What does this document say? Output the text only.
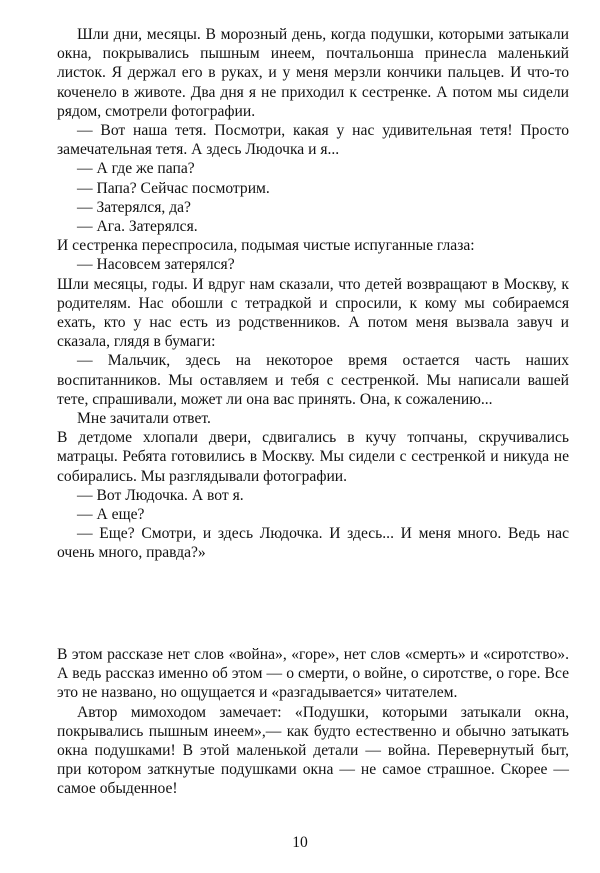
Шли дни, месяцы. В морозный день, когда подушки, которыми затыкали окна, покрывались пышным инеем, почтальонша принесла маленький листок. Я держал его в руках, и у меня мерзли кончики пальцев. И что-то коченело в животе. Два дня я не приходил к сестренке. А потом мы сидели рядом, смотрели фотографии.

— Вот наша тетя. Посмотри, какая у нас удивительная тетя! Просто замечательная тетя. А здесь Людочка и я...

— А где же папа?

— Папа? Сейчас посмотрим.

— Затерялся, да?

— Ага. Затерялся.

И сестренка переспросила, подымая чистые испуганные глаза:

— Насовсем затерялся?

Шли месяцы, годы. И вдруг нам сказали, что детей возвращают в Москву, к родителям. Нас обошли с тетрадкой и спросили, к кому мы собираемся ехать, кто у нас есть из родственников. А потом меня вызвала завуч и сказала, глядя в бумаги:

— Мальчик, здесь на некоторое время остается часть наших воспитанников. Мы оставляем и тебя с сестренкой. Мы написали вашей тете, спрашивали, может ли она вас принять. Она, к сожалению...

Мне зачитали ответ.

В детдоме хлопали двери, сдвигались в кучу топчаны, скручивались матрацы. Ребята готовились в Москву. Мы сидели с сестренкой и никуда не собирались. Мы разглядывали фотографии.

— Вот Людочка. А вот я.

— А еще?

— Еще? Смотри, и здесь Людочка. И здесь... И меня много. Ведь нас очень много, правда?»

В этом рассказе нет слов «война», «горе», нет слов «смерть» и «сиротство». А ведь рассказ именно об этом — о смерти, о войне, о сиротстве, о горе. Все это не названо, но ощущается и «разгадывается» читателем.

Автор мимоходом замечает: «Подушки, которыми затыкали окна, покрывались пышным инеем»,— как будто естественно и обычно затыкать окна подушками! В этой маленькой детали — война. Перевернутый быт, при котором заткнутые подушками окна — не самое страшное. Скорее — самое обыденное!

10
